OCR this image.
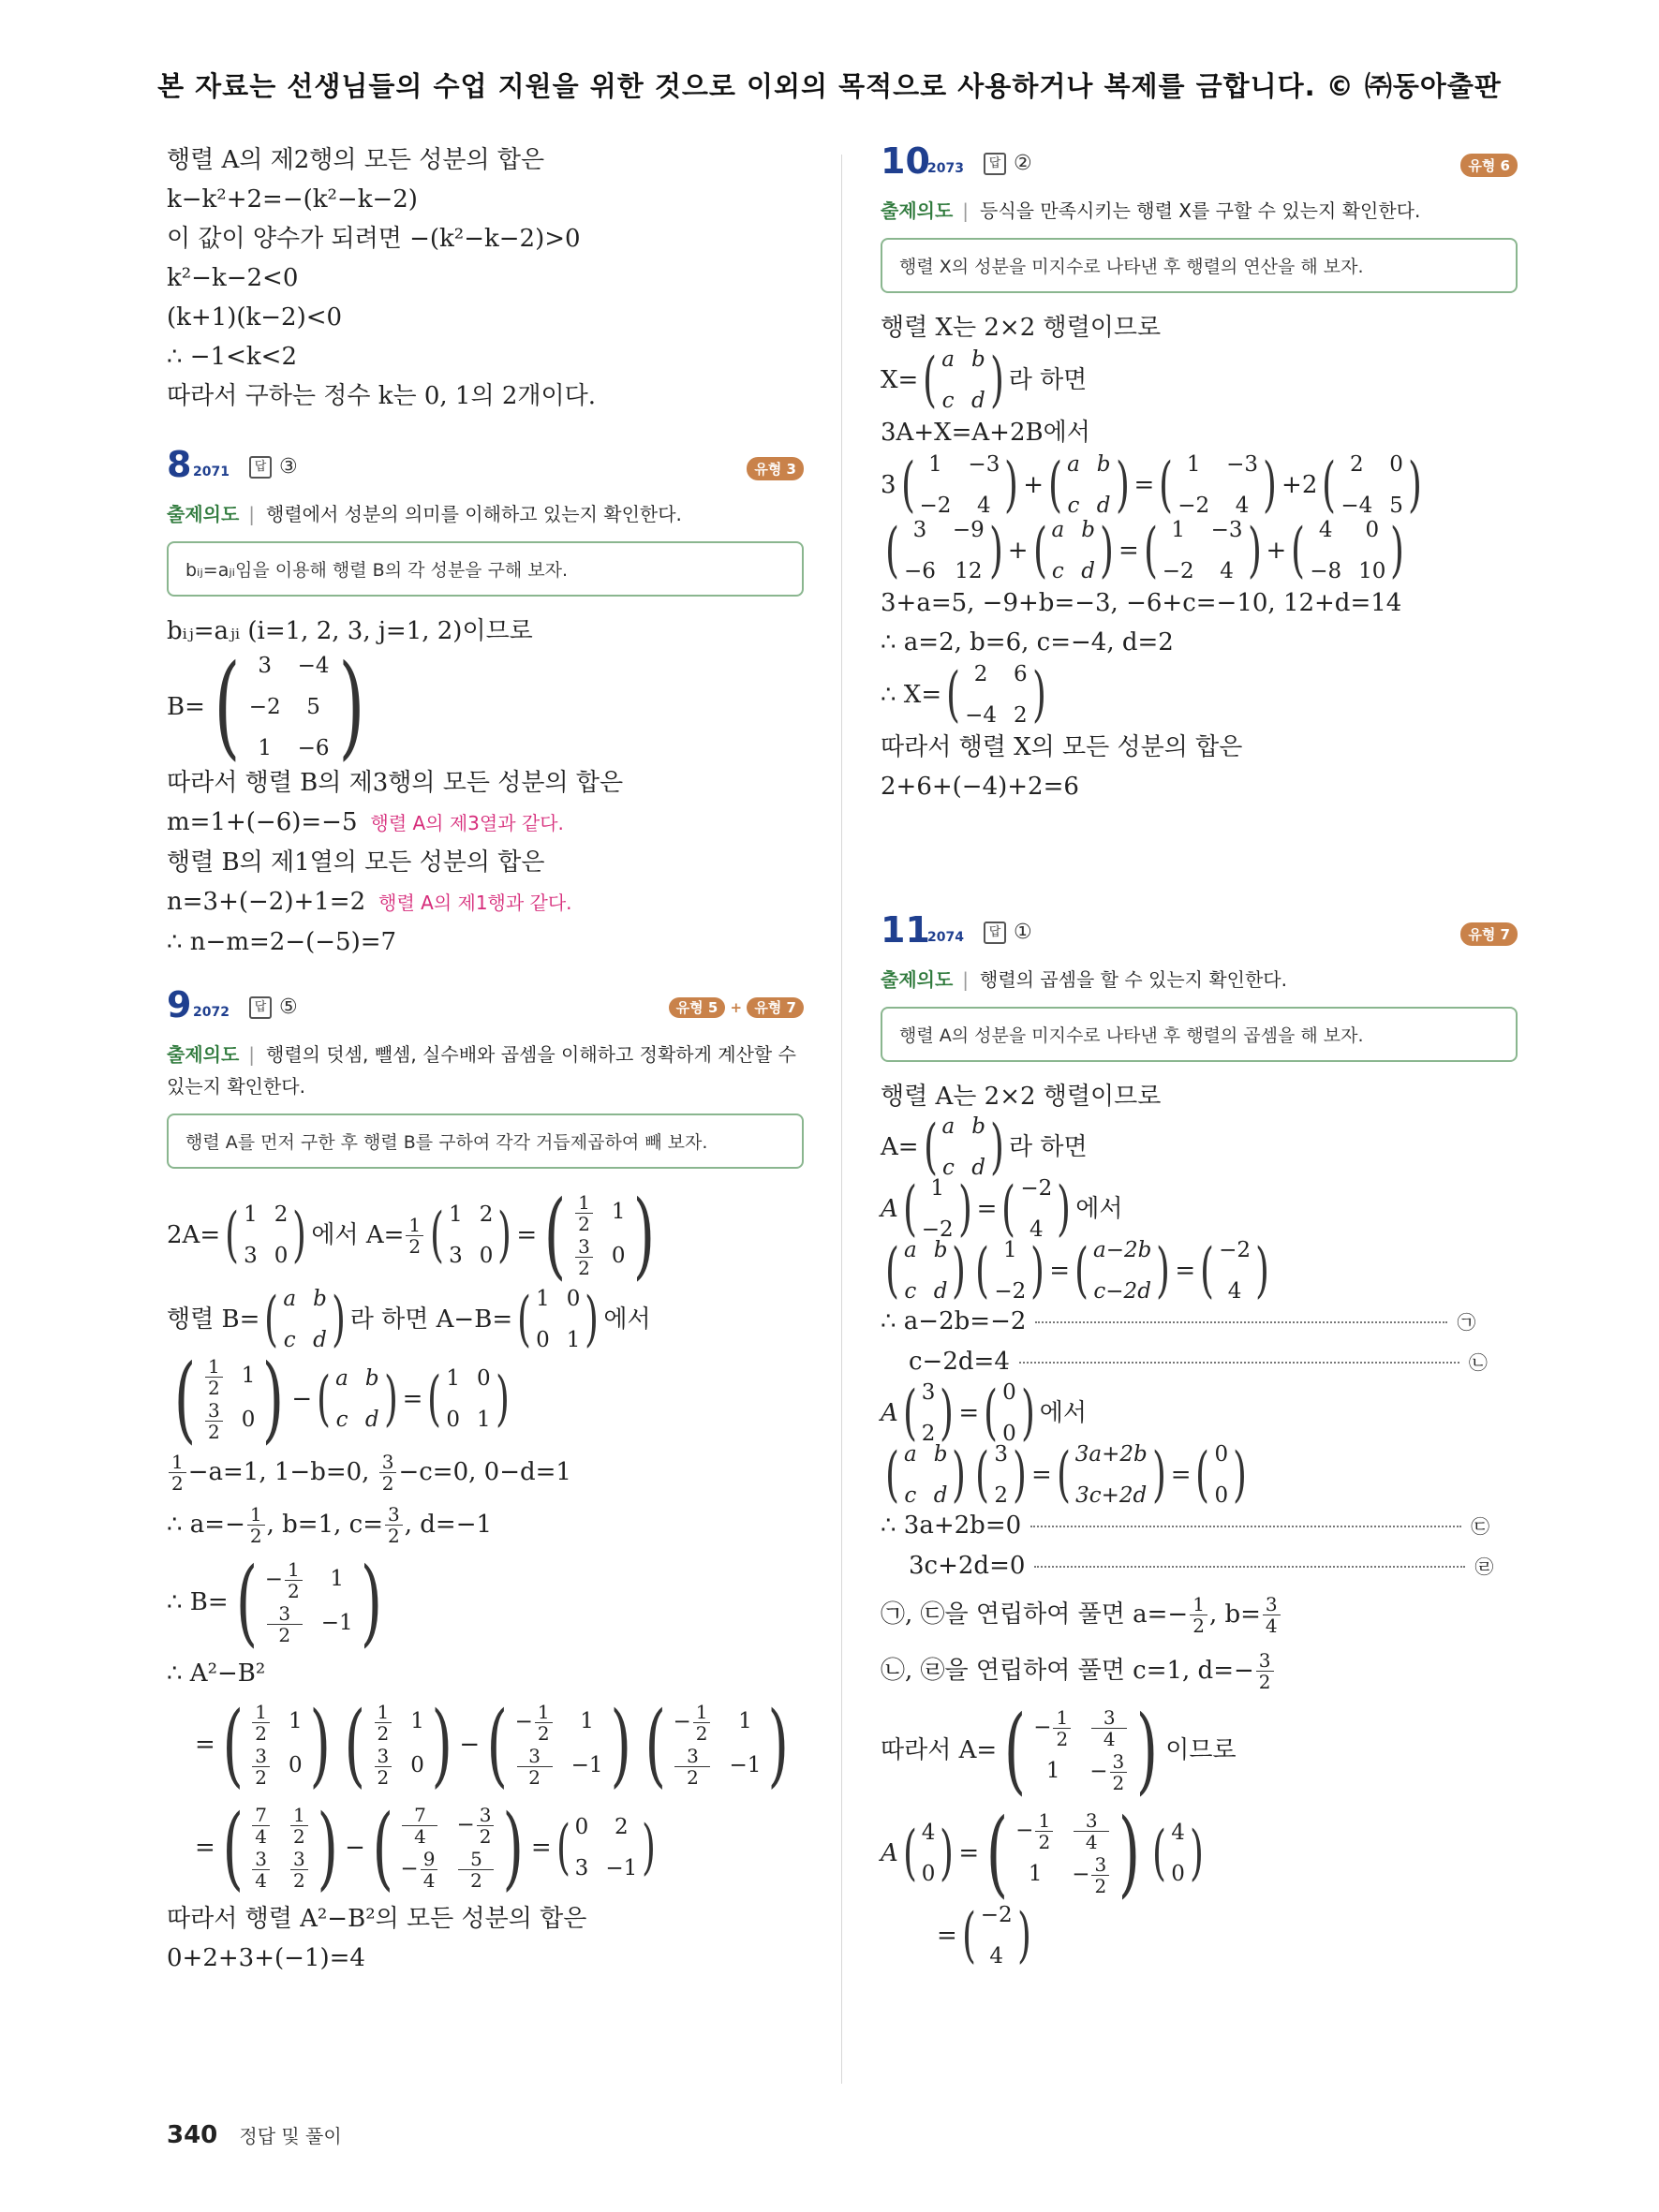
본 자료는 선생님들의 수업 지원을 위한 것으로 이외의 목적으로 사용하거나 복제를 금합니다. © ㈜동아출판
행렬 A의 제2행의 모든 성분의 합은
k−k²+2=−(k²−k−2)
이 값이 양수가 되려면 −(k²−k−2)>0
k²−k−2<0
(k+1)(k−2)<0
∴ −1<k<2
따라서 구하는 정수 k는 0, 1의 2개이다.
8 2071	답 ③	유형 3
출제의도 | 행렬에서 성분의 의미를 이해하고 있는지 확인한다.
bᵢⱼ=aⱼᵢ임을 이용해 행렬 B의 각 성분을 구해 보자.
bᵢⱼ=aⱼᵢ (i=1, 2, 3, j=1, 2)이므로
B= ( 3	−4
−2	5
1	−6 )
따라서 행렬 B의 제3행의 모든 성분의 합은
m=1+(−6)=−5 행렬 A의 제3열과 같다.
행렬 B의 제1열의 모든 성분의 합은
n=3+(−2)+1=2 행렬 A의 제1행과 같다.
∴ n−m=2−(−5)=7
9 2072	답 ⑤	유형 5 + 유형 7
출제의도 | 행렬의 덧셈, 뺄셈, 실수배와 곱셈을 이해하고 정확하게 계산할 수 있는지 확인한다.
행렬 A를 먼저 구한 후 행렬 B를 구하여 각각 거듭제곱하여 빼 보자.
2A= ( 1 2
3 0 ) 에서 $A= \frac{1}{2}$ ( 1 2
3 0 ) = ( $\frac{1}{2} 1$
$\frac{3}{2} 0$ )
행렬 B= ( a b
c d ) 라 하면 A−B= ( 1 0
0 1 ) 에서
( $\frac{1}{2} 1$
$\frac{3}{2} 0$ ) − ( a b
c d ) = ( 1 0
0 1 )
$\frac{1}{2} -a=1$, 1−b=0,
$\frac{3}{2} -c=0$, 0−d=1
∴ $a=- \frac{1}{2}$ , b=1, $c= \frac{3}{2}$ , d=−1
∴ B= ( − $\frac{1}{2}$	1
$\frac{3}{2} -1$ )
∴ A²−B²
= ( $\frac{1}{2} 1$
$\frac{3}{2} 0$ ) ( $\frac{1}{2} 1$
$\frac{3}{2} 0$ ) − ( − $\frac{1}{2}$	1
$\frac{3}{2} -1$ ) ( − $\frac{1}{2}$	1
$\frac{3}{2} -1$ )
= ( $\frac{7}{4} \frac{1}{2}$
$\frac{3}{4} \frac{3}{2}$ ) − ( $\frac{7}{4} - \frac{3}{2}$
− $\frac{9}{4} \frac{5}{2}$ ) = ( 0	2
3 −1 )
따라서 행렬 A²−B²의 모든 성분의 합은
0+2+3+(−1)=4
10
2073	답 ②	유형 6
출제의도 | 등식을 만족시키는 행렬 X를 구할 수 있는지 확인한다.
행렬 X의 성분을 미지수로 나타낸 후 행렬의 연산을 해 보자.
행렬 X는 2×2 행렬이므로
X= ( a b
c d ) 라 하면
3A+X=A+2B에서
3 ( 1	−3
−2	4 ) + ( a b
c d ) = ( 1	−3
−2	4 ) +2 ( 2	0
−4 5 )
( 3	−9
−6 12 ) + ( a b
c d ) = ( 1	−3
−2	4 ) + ( 4	0
−8 10 )
3+a=5, −9+b=−3, −6+c=−10, 12+d=14
∴ a=2, b=6, c=−4, d=2
∴ X= ( 2	6
−4 2 )
따라서 행렬 X의 모든 성분의 합은
2+6+(−4)+2=6
11
2074	답 ①	유형 7
출제의도 | 행렬의 곱셈을 할 수 있는지 확인한다.
행렬 A의 성분을 미지수로 나타낸 후 행렬의 곱셈을 해 보자.
행렬 A는 2×2 행렬이므로
A= ( a b
c d ) 라 하면
A ( 1
−2 ) = ( −2
4 ) 에서
( a b
c d ) ( 1
−2 ) = ( a−2b
c−2d ) = ( −2
4 )
∴ a−2b=−2	㉠
c−2d=4	㉡
A ( 3
2 ) = ( 0
0 ) 에서
( a b
c d ) ( 3
2 ) = ( 3a+2b
3c+2d ) = ( 0
0 )
∴ 3a+2b=0	㉢
3c+2d=0	㉣
㉠, ㉢을 연립하여 풀면 $a=- \frac{1}{2}$ , $b= \frac{3}{4}$
㉡, ㉣을 연립하여 풀면 c=1, $d=- \frac{3}{2}$
따라서 A= ( − $\frac{1}{2} \frac{3}{4}$
1	− $\frac{3}{2}$ ) 이므로
A ( 4
0 ) = ( − $\frac{1}{2} \frac{3}{4}$
1	− $\frac{3}{2}$ ) ( 4
0 )
= ( −2
4 )
340 정답 및 풀이
